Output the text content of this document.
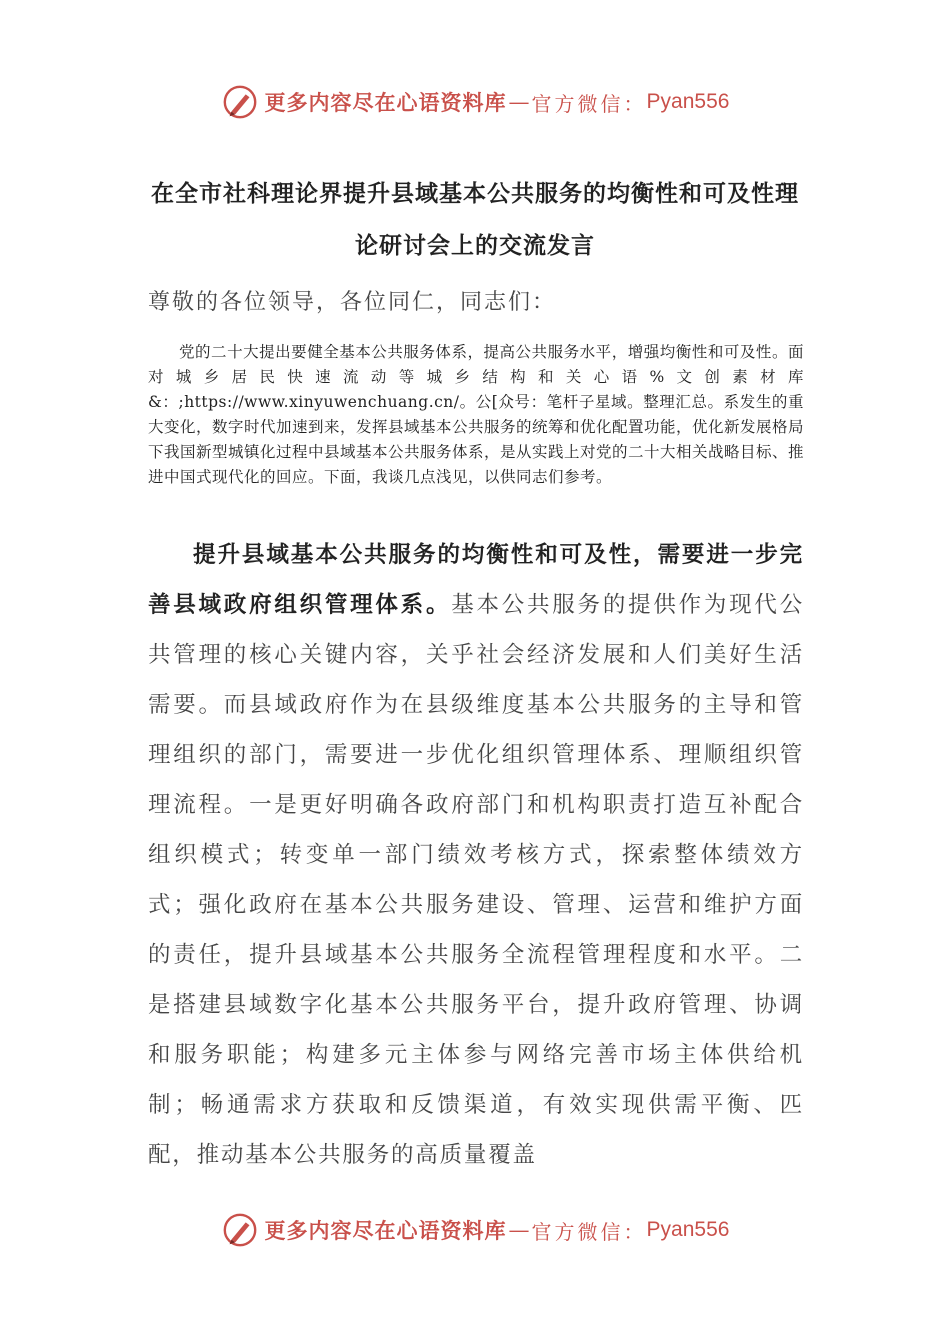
更多内容尽在心语资料库 — 官方微信： Pyan556
在全市社科理论界提升县域基本公共服务的均衡性和可及性理论研讨会上的交流发言
尊敬的各位领导，各位同仁，同志们：

党的二十大提出要健全基本公共服务体系，提高公共服务水平，增强均衡性和可及性。面对城乡居民快速流动等城乡结构和关心语%文创素材库&：;https://www.xinyuwenchuang.cn/。公[众号：笔杆子星域。整理汇总。系发生的重大变化，数字时代加速到来，发挥县域基本公共服务的统筹和优化配置功能，优化新发展格局下我国新型城镇化过程中县域基本公共服务体系，是从实践上对党的二十大相关战略目标、推进中国式现代化的回应。下面，我谈几点浅见，以供同志们参考。

提升县域基本公共服务的均衡性和可及性，需要进一步完善县域政府组织管理体系。基本公共服务的提供作为现代公共管理的核心关键内容，关乎社会经济发展和人们美好生活需要。而县域政府作为在县级维度基本公共服务的主导和管理组织的部门，需要进一步优化组织管理体系、理顺组织管理流程。一是更好明确各政府部门和机构职责打造互补配合组织模式；转变单一部门绩效考核方式，探索整体绩效方式；强化政府在基本公共服务建设、管理、运营和维护方面的责任，提升县域基本公共服务全流程管理程度和水平。二是搭建县域数字化基本公共服务平台，提升政府管理、协调和服务职能；构建多元主体参与网络完善市场主体供给机制；畅通需求方获取和反馈渠道，有效实现供需平衡、匹配，推动基本公共服务的高质量覆盖

更多内容尽在心语资料库 — 官方微信： Pyan556
